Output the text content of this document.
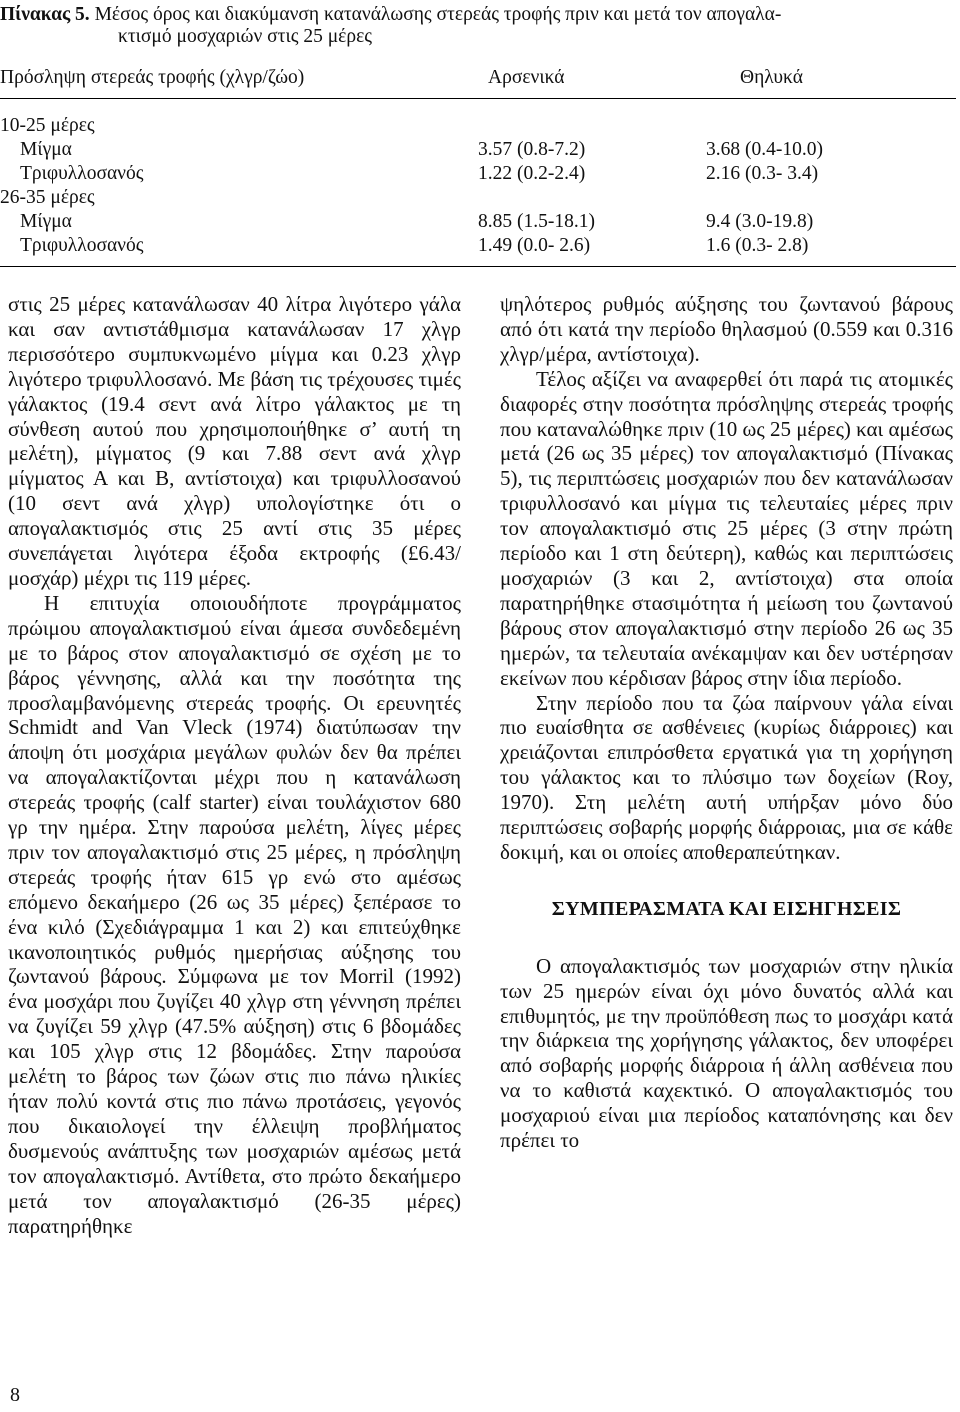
Πίνακας 5. Μέσος όρος και διακύμανση κατανάλωσης στερεάς τροφής πριν και μετά τον απογαλα-
κτισμό μοσχαριών στις 25 μέρες
Πρόσληψη στερεάς τροφής (χλγρ/ζώο)	Αρσενικά	Θηλυκά
10-25 μέρες
Μίγμα	3.57 (0.8-7.2)	3.68 (0.4-10.0)
Τριφυλλοσανός	1.22 (0.2-2.4)	2.16 (0.3- 3.4)
26-35 μέρες
Μίγμα	8.85 (1.5-18.1)	9.4 (3.0-19.8)
Τριφυλλοσανός	1.49 (0.0- 2.6)	1.6 (0.3- 2.8)

στις 25 μέρες κατανάλωσαν 40 λίτρα λιγότερο γάλα και σαν αντιστάθμισμα κατανάλωσαν 17 χλγρ περισσότερο συμπυκνωμένο μίγμα και 0.23 χλγρ λιγότερο τριφυλλοσανό. Με βάση τις τρέχουσες τιμές γάλακτος (19.4 σεντ ανά λίτρο γάλακτος με τη σύνθεση αυτού που χρησιμοποιήθηκε σ’ αυτή τη μελέτη), μίγματος (9 και 7.88 σεντ ανά χλγρ μίγματος Α και Β, αντίστοιχα) και τριφυλλοσανού (10 σεντ ανά χλγρ) υπολογίστηκε ότι ο απογαλακτισμός στις 25 αντί στις 35 μέρες συνεπάγεται λιγότερα έξοδα εκτροφής (£6.43/μοσχάρ) μέχρι τις 119 μέρες.

Η επιτυχία οποιουδήποτε προγράμματος πρώιμου απογαλακτισμού είναι άμεσα συνδεδεμένη με το βάρος στον απογαλακτισμό σε σχέση με το βάρος γέννησης, αλλά και την ποσότητα της προσλαμβανόμενης στερεάς τροφής. Οι ερευνητές Schmidt and Van Vleck (1974) διατύπωσαν την άποψη ότι μοσχάρια μεγάλων φυλών δεν θα πρέπει να απογαλακτίζονται μέχρι που η κατανάλωση στερεάς τροφής (calf starter) είναι τουλάχιστον 680 γρ την ημέρα. Στην παρούσα μελέτη, λίγες μέρες πριν τον απογαλακτισμό στις 25 μέρες, η πρόσληψη στερεάς τροφής ήταν 615 γρ ενώ στο αμέσως επόμενο δεκαήμερο (26 ως 35 μέρες) ξεπέρασε το ένα κιλό (Σχεδιάγραμμα 1 και 2) και επιτεύχθηκε ικανοποιητικός ρυθμός ημερήσιας αύξησης του ζωντανού βάρους. Σύμφωνα με τον Morril (1992) ένα μοσχάρι που ζυγίζει 40 χλγρ στη γέννηση πρέπει να ζυγίζει 59 χλγρ (47.5% αύξηση) στις 6 βδομάδες και 105 χλγρ στις 12 βδομάδες. Στην παρούσα μελέτη το βάρος των ζώων στις πιο πάνω ηλικίες ήταν πολύ κοντά στις πιο πάνω προτάσεις, γεγονός που δικαιολογεί την έλλειψη προβλήματος δυσμενούς ανάπτυξης των μοσχαριών αμέσως μετά τον απογαλακτισμό. Αντίθετα, στο πρώτο δεκαήμερο μετά τον απογαλακτισμό (26-35 μέρες) παρατηρήθηκε

ψηλότερος ρυθμός αύξησης του ζωντανού βάρους από ότι κατά την περίοδο θηλασμού (0.559 και 0.316 χλγρ/μέρα, αντίστοιχα).

Τέλος αξίζει να αναφερθεί ότι παρά τις ατομικές διαφορές στην ποσότητα πρόσληψης στερεάς τροφής που καταναλώθηκε πριν (10 ως 25 μέρες) και αμέσως μετά (26 ως 35 μέρες) τον απογαλακτισμό (Πίνακας 5), τις περιπτώσεις μοσχαριών που δεν κατανάλωσαν τριφυλλοσανό και μίγμα τις τελευταίες μέρες πριν τον απογαλακτισμό στις 25 μέρες (3 στην πρώτη περίοδο και 1 στη δεύτερη), καθώς και περιπτώσεις μοσχαριών (3 και 2, αντίστοιχα) στα οποία παρατηρήθηκε στασιμότητα ή μείωση του ζωντανού βάρους στον απογαλακτισμό στην περίοδο 26 ως 35 ημερών, τα τελευταία ανέκαμψαν και δεν υστέρησαν εκείνων που κέρδισαν βάρος στην ίδια περίοδο.

Στην περίοδο που τα ζώα παίρνουν γάλα είναι πιο ευαίσθητα σε ασθένειες (κυρίως διάρροιες) και χρειάζονται επιπρόσθετα εργατικά για τη χορήγηση του γάλακτος και το πλύσιμο των δοχείων (Roy, 1970). Στη μελέτη αυτή υπήρξαν μόνο δύο περιπτώσεις σοβαρής μορφής διάρροιας, μια σε κάθε δοκιμή, και οι οποίες αποθεραπεύτηκαν.

ΣΥΜΠΕΡΑΣΜΑΤΑ ΚΑΙ ΕΙΣΗΓΗΣΕΙΣ

Ο απογαλακτισμός των μοσχαριών στην ηλικία των 25 ημερών είναι όχι μόνο δυνατός αλλά και επιθυμητός, με την προϋπόθεση πως το μοσχάρι κατά την διάρκεια της χορήγησης γάλακτος, δεν υποφέρει από σοβαρής μορφής διάρροια ή άλλη ασθένεια που να το καθιστά καχεκτικό. Ο απογαλακτισμός του μοσχαριού είναι μια περίοδος καταπόνησης και δεν πρέπει το

8
